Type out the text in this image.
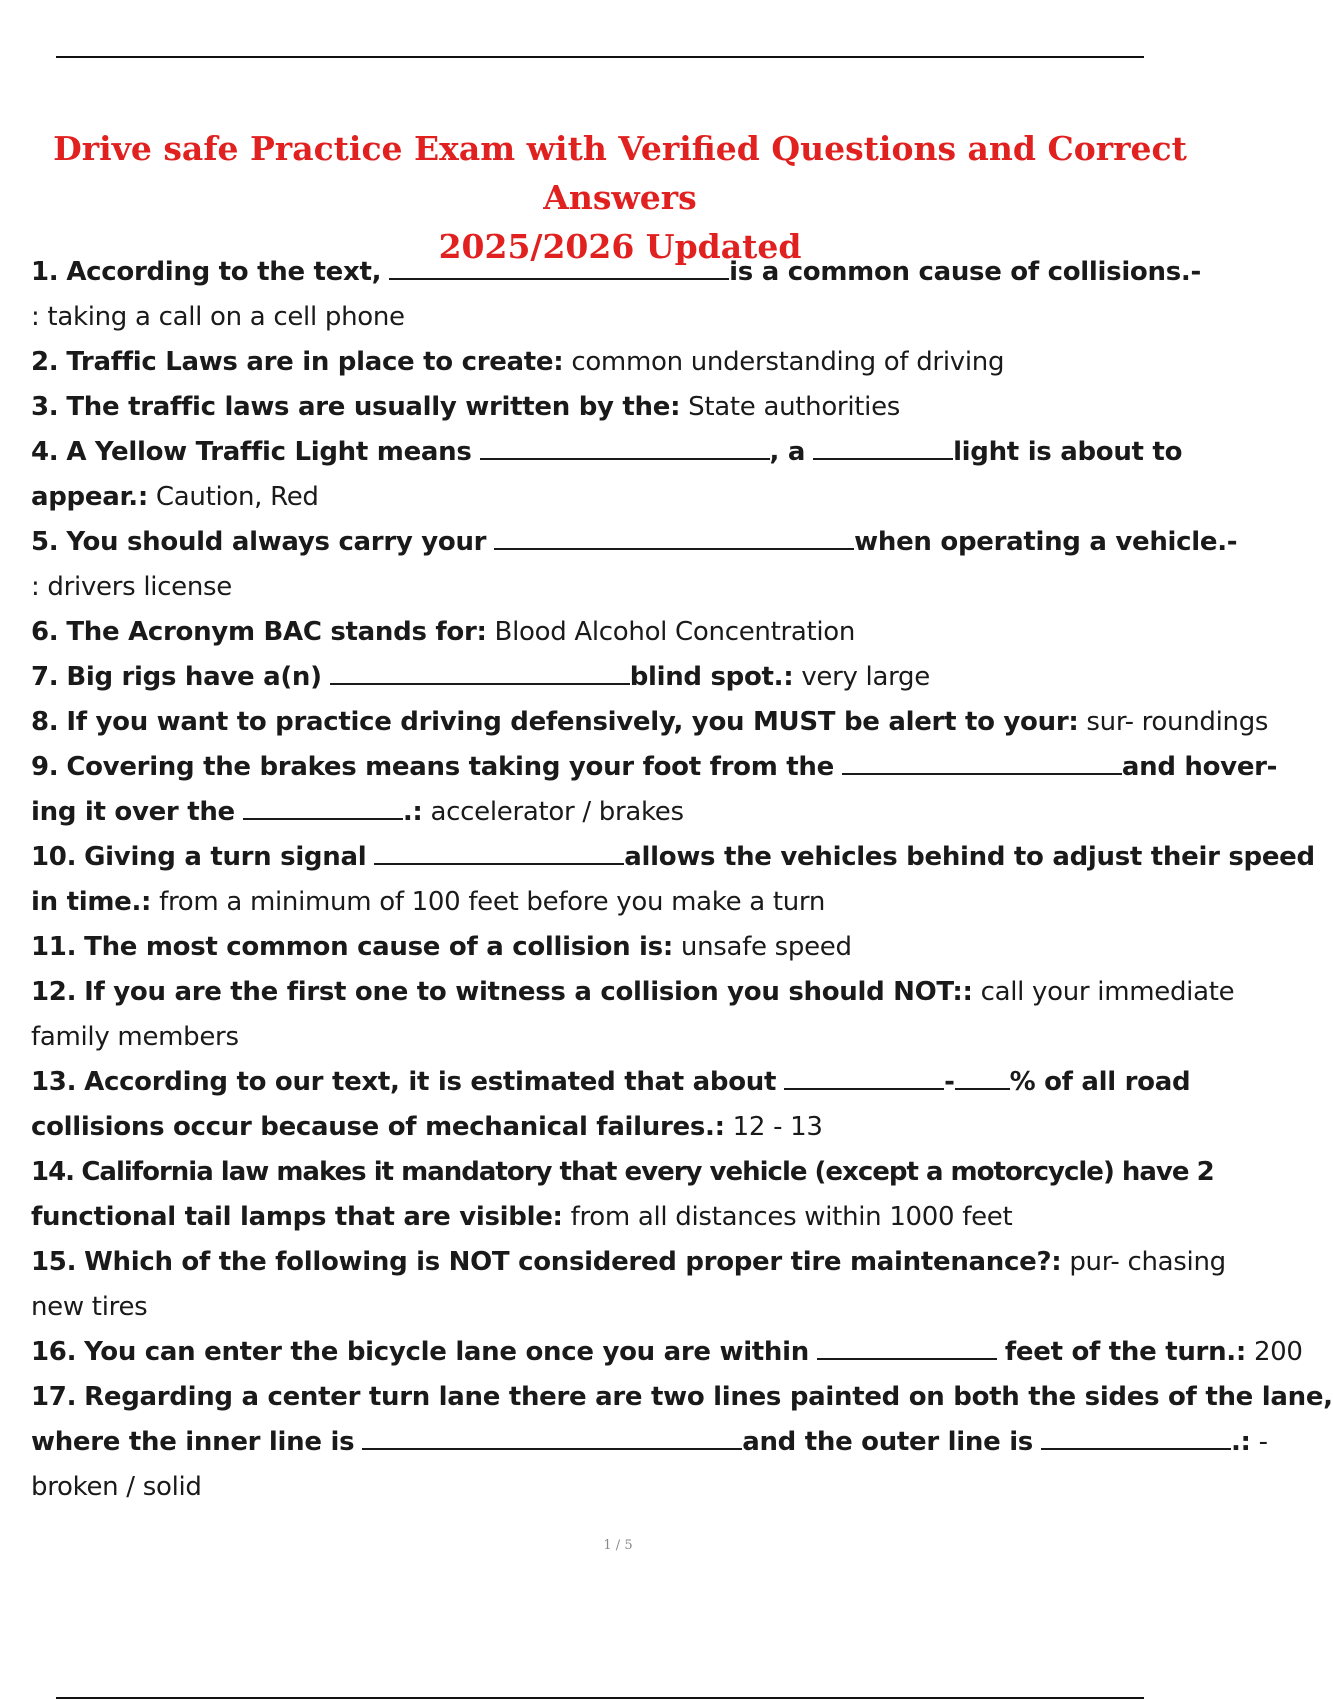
Drive safe Practice Exam with Verified Questions and Correct Answers
2025/2026 Updated
1. According to the text,	is a common cause of collisions.-
: taking a call on a cell phone
2. Traffic Laws are in place to create: common understanding of driving
3. The traffic laws are usually written by the: State authorities
4. A Yellow Traffic Light means	, a	light is about to
appear.: Caution, Red
5. You should always carry your	when operating a vehicle.-
: drivers license
6. The Acronym BAC stands for: Blood Alcohol Concentration
7. Big rigs have a(n)	blind spot.: very large
8. If you want to practice driving defensively, you MUST be alert to your: sur- roundings
9. Covering the brakes means taking your foot from the	and hover-
ing it over the	.: accelerator / brakes
10. Giving a turn signal	allows the vehicles behind to adjust their speed
in time.: from a minimum of 100 feet before you make a turn
11. The most common cause of a collision is: unsafe speed
12. If you are the first one to witness a collision you should NOT:: call your immediate
family members
13. According to our text, it is estimated that about	- % of all road
collisions occur because of mechanical failures.: 12 - 13
14. California law makes it mandatory that every vehicle (except a motorcycle) have 2
functional tail lamps that are visible: from all distances within 1000 feet
15. Which of the following is NOT considered proper tire maintenance?: pur- chasing
new tires
16. You can enter the bicycle lane once you are within	feet of the turn.: 200
17. Regarding a center turn lane there are two lines painted on both the sides of the lane,
where the inner line is	and the outer line is	.: -
broken / solid
1 / 5
